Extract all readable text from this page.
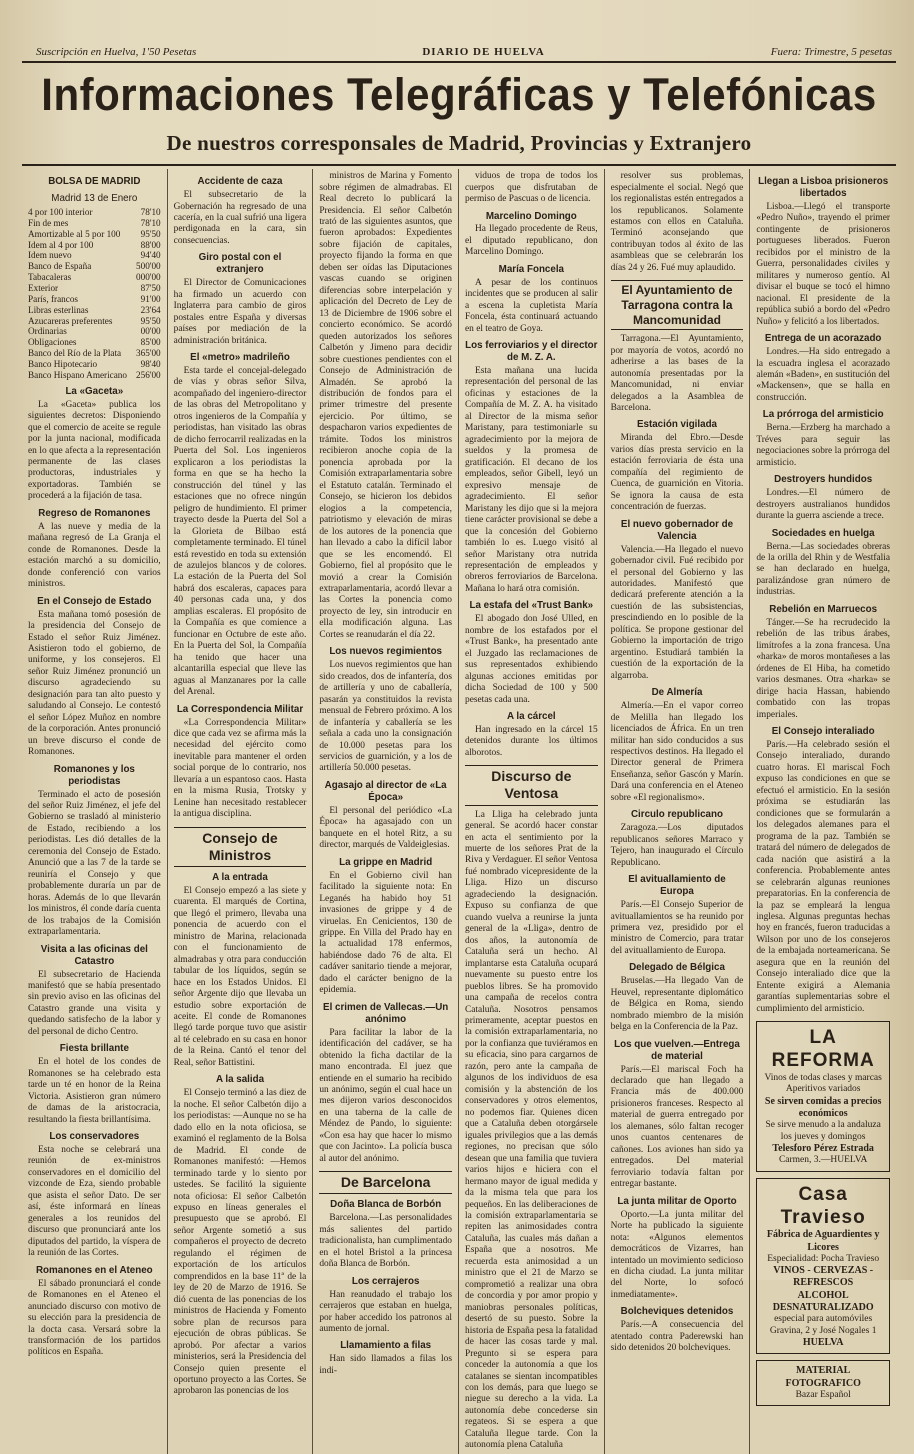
Suscripción en Huelva, 1'50 Pesetas	DIARIO DE HUELVA	Fuera: Trimestre, 5 pesetas
Informaciones Telegráficas y Telefónicas
De nuestros corresponsales de Madrid, Provincias y Extranjero
BOLSA DE MADRID
Madrid 13 de Enero
4 por 100 interior	78'10
Fin de mes	78'10
Amortizable al 5 por 100	95'50
Idem al 4 por 100	88'00
Idem nuevo	94'40
Banco de España	500'00
Tabacaleras	000'00
Exterior	87'50
París, francos	91'00
Libras esterlinas	23'64
Azucareras preferentes	95'50
Ordinarias	00'00
Obligaciones	85'00
Banco del Río de la Plata	365'00
Banco Hipotecario	98'40
Banco Hispano Americano	256'00
La «Gaceta»
La «Gaceta» publica los siguientes decretos: Disponiendo que el comercio de aceite se regule por la junta nacional, modificada en lo que afecta a la representación permanente de las clases productoras, industriales y exportadoras. También se procederá a la fijación de tasa.
Regreso de Romanones
A las nueve y media de la mañana regresó de La Granja el conde de Romanones. Desde la estación marchó a su domicilio, donde conferenció con varios ministros.
En el Consejo de Estado
Esta mañana tomó posesión de la presidencia del Consejo de Estado el señor Ruiz Jiménez. Asistieron todo el gobierno, de uniforme, y los consejeros. El señor Ruiz Jiménez pronunció un discurso agradeciendo su designación para tan alto puesto y saludando al Consejo. Le contestó el señor López Muñoz en nombre de la corporación. Antes pronunció un breve discurso el conde de Romanones.
Romanones y los periodistas
Terminado el acto de posesión del señor Ruiz Jiménez, el jefe del Gobierno se trasladó al ministerio de Estado, recibiendo a los periodistas. Les dió detalles de la ceremonia del Consejo de Estado. Anunció que a las 7 de la tarde se reuniría el Consejo y que probablemente duraría un par de horas. Además de lo que llevarán los ministros, él conde daría cuenta de los trabajos de la Comisión extraparlamentaria.
Visita a las oficinas del Catastro
El subsecretario de Hacienda manifestó que se había presentado sin previo aviso en las oficinas del Catastro grande una visita y quedando satisfecho de la labor y del personal de dicho Centro.
Fiesta brillante
En el hotel de los condes de Romanones se ha celebrado esta tarde un té en honor de la Reina Victoria. Asistieron gran número de damas de la aristocracia, resultando la fiesta brillantísima.
Los conservadores
Esta noche se celebrará una reunión de ex-ministros conservadores en el domicilio del vizconde de Eza, siendo probable que asista el señor Dato. De ser así, éste informará en líneas generales a los reunidos del discurso que pronunciará ante los diputados del partido, la víspera de la reunión de las Cortes.
Romanones en el Ateneo
El sábado pronunciará el conde de Romanones en el Ateneo el anunciado discurso con motivo de su elección para la presidencia de la docta casa. Versará sobre la transformación de los partidos políticos en España.
Accidente de caza
El subsecretario de la Gobernación ha regresado de una cacería, en la cual sufrió una ligera perdigonada en la cara, sin consecuencias.
Giro postal con el extranjero
El Director de Comunicaciones ha firmado un acuerdo con Inglaterra para cambio de giros postales entre España y diversas países por mediación de la administración británica.
El «metro» madrileño
Esta tarde el concejal-delegado de vías y obras señor Silva, acompañado del ingeniero-director de las obras del Metropolitano y otros ingenieros de la Compañía y periodistas, han visitado las obras de dicho ferrocarril realizadas en la Puerta del Sol. Los ingenieros explicaron a los periodistas la forma en que se ha hecho la construcción del túnel y las estaciones que no ofrece ningún peligro de hundimiento. El primer trayecto desde la Puerta del Sol a la Glorieta de Bilbao está completamente terminado. El túnel está revestido en toda su extensión de azulejos blancos y de colores. La estación de la Puerta del Sol habrá dos escaleras, capaces para 40 personas cada una, y dos amplias escaleras. El propósito de la Compañía es que comience a funcionar en Octubre de este año. En la Puerta del Sol, la Compañía ha tenido que hacer una alcantarilla especial que lleve las aguas al Manzanares por la calle del Arenal.
La Correspondencia Militar
«La Correspondencia Militar» dice que cada vez se afirma más la necesidad del ejército como inevitable para mantener el orden social porque de lo contrario, nos llevaría a un espantoso caos. Hasta en la misma Rusia, Trotsky y Lenine han necesitado restablecer la antigua disciplina.
Consejo de Ministros
A la entrada
El Consejo empezó a las siete y cuarenta. El marqués de Cortina, que llegó el primero, llevaba una ponencia de acuerdo con el ministro de Marina, relacionada con el funcionamiento de almadrabas y otra para conducción tabular de los líquidos, según se hace en los Estados Unidos. El señor Argente dijo que llevaba un estudio sobre exportación de aceite. El conde de Romanones llegó tarde porque tuvo que asistir al té celebrado en su casa en honor de la Reina. Cantó el tenor del Real, señor Battistini.
A la salida
El Consejo terminó a las diez de la noche. El señor Calbetón dijo a los periodistas: —Aunque no se ha dado ello en la nota oficiosa, se examinó el reglamento de la Bolsa de Madrid. El conde de Romanones manifestó: —Hemos terminado tarde y lo siento por ustedes. Se facilitó la siguiente nota oficiosa: El señor Calbetón expuso en líneas generales el presupuesto que se aprobó. El señor Argente sometió a sus compañeros el proyecto de decreto regulando el régimen de exportación de los artículos comprendidos en la base 11ª de la ley de 20 de Marzo de 1916. Se dió cuenta de las ponencias de los ministros de Hacienda y Fomento sobre plan de recursos para ejecución de obras públicas. Se aprobó. Por afectar a varios ministerios, será la Presidencia del Consejo quien presente el oportuno proyecto a las Cortes. Se aprobaron las ponencias de los
ministros de Marina y Fomento sobre régimen de almadrabas. El Real decreto lo publicará la Presidencia. El señor Calbetón trató de las siguientes asuntos, que fueron aprobados: Expedientes sobre fijación de capitales, proyecto fijando la forma en que deben ser oídas las Diputaciones vascas cuando se originen diferencias sobre interpelación y aplicación del Decreto de Ley de 13 de Diciembre de 1906 sobre el concierto económico. Se acordó queden autorizados los señores Calbetón y Jimeno para decidir sobre cuestiones pendientes con el Consejo de Administración de Almadén. Se aprobó la distribución de fondos para el primer trimestre del presente ejercicio. Por último, se despacharon varios expedientes de trámite. Todos los ministros recibieron anoche copia de la ponencia aprobada por la Comisión extraparlamentaria sobre el Estatuto catalán. Terminado el Consejo, se hicieron los debidos elogios a la competencia, patriotismo y elevación de miras de los autores de la ponencia que han llevado a cabo la difícil labor que se les encomendó. El Gobierno, fiel al propósito que le movió a crear la Comisión extraparlamentaria, acordó llevar a las Cortes la ponencia como proyecto de ley, sin introducir en ella modificación alguna. Las Cortes se reanudarán el día 22.
Los nuevos regimientos
Los nuevos regimientos que han sido creados, dos de infantería, dos de artillería y uno de caballería, pasarán ya constituidos la revista mensual de Febrero próximo. A los de infantería y caballería se les señala a cada uno la consignación de 10.000 pesetas para los servicios de guarnición, y a los de artillería 50.000 pesetas.
Agasajo al director de «La Época»
El personal del periódico «La Época» ha agasajado con un banquete en el hotel Ritz, a su director, marqués de Valdeiglesias.
La grippe en Madrid
En el Gobierno civil han facilitado la siguiente nota: En Leganés ha habido hoy 51 invasiones de grippe y 4 de viruelas. En Cenicientos, 130 de grippe. En Villa del Prado hay en la actualidad 178 enfermos, habiéndose dado 76 de alta. El cadáver sanitario tiende a mejorar, dado el carácter benigno de la epidemia.
El crimen de Vallecas.—Un anónimo
Para facilitar la labor de la identificación del cadáver, se ha obtenido la ficha dactilar de la mano encontrada. El juez que entiende en el sumario ha recibido un anónimo, según el cual hace un mes dijeron varios desconocidos en una taberna de la calle de Méndez de Pando, lo siguiente: «Con esa hay que hacer lo mismo que con Jacinto». La policía busca al autor del anónimo.
De Barcelona
Doña Blanca de Borbón
Barcelona.—Las personalidades más salientes del partido tradicionalista, han cumplimentado en el hotel Bristol a la princesa doña Blanca de Borbón.
Los cerrajeros
Han reanudado el trabajo los cerrajeros que estaban en huelga, por haber accedido los patronos al aumento de jornal.
Llamamiento a filas
Han sido llamados a filas los indi-
viduos de tropa de todos los cuerpos que disfrutaban de permiso de Pascuas o de licencia.
Marcelino Domingo
Ha llegado procedente de Reus, el diputado republicano, don Marcelino Domingo.
María Foncela
A pesar de los continuos incidentes que se producen al salir a escena la cupletista María Foncela, ésta continuará actuando en el teatro de Goya.
Los ferroviarios y el director de M. Z. A.
Esta mañana una lucida representación del personal de las oficinas y estaciones de la Compañía de M. Z. A. ha visitado al Director de la misma señor Maristany, para testimoniarle su agradecimiento por la mejora de sueldos y la promesa de gratificación. El decano de los empleados, señor Gibell, leyó un expresivo mensaje de agradecimiento. El señor Maristany les dijo que si la mejora tiene carácter provisional se debe a que la concesión del Gobierno también lo es. Luego visitó al señor Maristany otra nutrida representación de empleados y obreros ferroviarios de Barcelona. Mañana lo hará otra comisión.
La estafa del «Trust Bank»
El abogado don José Ulled, en nombre de los estafados por el «Trust Bank», ha presentado ante el Juzgado las reclamaciones de sus representados exhibiendo algunas acciones emitidas por dicha Sociedad de 100 y 500 pesetas cada una.
A la cárcel
Han ingresado en la cárcel 15 detenidos durante los últimos alborotos.
Discurso de Ventosa
La Lliga ha celebrado junta general. Se acordó hacer constar en acta el sentimiento por la muerte de los señores Prat de la Riva y Verdaguer. El señor Ventosa fué nombrado vicepresidente de la Lliga. Hizo un discurso agradeciendo la designación. Expuso su confianza de que cuando vuelva a reunirse la junta general de la «Lliga», dentro de dos años, la autonomía de Cataluña será un hecho. Al implantarse esta Cataluña ocupará nuevamente su puesto entre los pueblos libres. Se ha promovido una campaña de recelos contra Cataluña. Nosotros pensamos primeramente, aceptar puestos en la comisión extraparlamentaria, no por la confianza que tuviéramos en su eficacia, sino para cargarnos de razón, pero ante la campaña de algunos de los individuos de esa comisión y la abstención de los conservadores y otros elementos, no podemos fiar. Quienes dicen que a Cataluña deben otorgársele iguales privilegios que a las demás regiones, no precisan que sólo desean que una familia que tuviera varios hijos e hiciera con el hermano mayor de igual medida y da la misma tela que para los pequeños. En las deliberaciones de la comisión extraparlamentaria se repiten las animosidades contra Cataluña, las cuales más dañan a España que a nosotros. Me recuerda esta animosidad a un ministro que el 21 de Marzo se comprometió a realizar una obra de concordia y por amor propio y maniobras personales políticas, desertó de su puesto. Sobre la historia de España pesa la fatalidad de hacer las cosas tarde y mal. Pregunto si se espera para conceder la autonomía a que los catalanes se sientan incompatibles con los demás, para que luego se niegue su derecho a la vida. La autonomía debe concederse sin regateos. Si se espera a que Cataluña llegue tarde. Con la autonomía plena Cataluña
resolver sus problemas, especialmente el social. Negó que los regionalistas estén entregados a los republicanos. Solamente estamos con ellos en Cataluña. Terminó aconsejando que contribuyan todos al éxito de las asambleas que se celebrarán los días 24 y 26. Fué muy aplaudido.
El Ayuntamiento de Tarragona contra la Mancomunidad
Tarragona.—El Ayuntamiento, por mayoría de votos, acordó no adherirse a las bases de la autonomía presentadas por la Mancomunidad, ni enviar delegados a la Asamblea de Barcelona.
Estación vigilada
Miranda del Ebro.—Desde varios días presta servicio en la estación ferroviaria de ésta una compañía del regimiento de Cuenca, de guarnición en Vitoria. Se ignora la causa de esta concentración de fuerzas.
El nuevo gobernador de Valencia
Valencia.—Ha llegado el nuevo gobernador civil. Fué recibido por el personal del Gobierno y las autoridades. Manifestó que dedicará preferente atención a la cuestión de las subsistencias, prescindiendo en lo posible de la política. Se propone gestionar del Gobierno la importación de trigo argentino. Estudiará también la cuestión de la exportación de la algarroba.
De Almería
Almería.—En el vapor correo de Melilla han llegado los licenciados de África. En un tren militar han sido conducidos a sus respectivos destinos. Ha llegado el Director general de Primera Enseñanza, señor Gascón y Marín. Dará una conferencia en el Ateneo sobre «El regionalismo».
Circulo republicano
Zaragoza.—Los diputados republicanos señores Marraco y Tejero, han inaugurado el Círculo Republicano.
El avituallamiento de Europa
París.—El Consejo Superior de avituallamientos se ha reunido por primera vez, presidido por el ministro de Comercio, para tratar del avituallamiento de Europa.
Delegado de Bélgica
Bruselas.—Ha llegado Van de Heuvel, representante diplomático de Bélgica en Roma, siendo nombrado miembro de la misión belga en la Conferencia de la Paz.
Los que vuelven.—Entrega de material
París.—El mariscal Foch ha declarado que han llegado a Francia más de 400.000 prisioneros franceses. Respecto al material de guerra entregado por los alemanes, sólo faltan recoger unos cuantos centenares de cañones. Los aviones han sido ya entregados. Del material ferroviario todavía faltan por entregar bastante.
La junta militar de Oporto
Oporto.—La junta militar del Norte ha publicado la siguiente nota: «Algunos elementos democráticos de Vizarres, han intentado un movimiento sedicioso en dicha ciudad. La junta militar del Norte, lo sofocó inmediatamente».
Bolcheviques detenidos
París.—A consecuencia del atentado contra Paderewski han sido detenidos 20 bolcheviques.
Llegan a Lisboa prisioneros libertados
Lisboa.—Llegó el transporte «Pedro Nuño», trayendo el primer contingente de prisioneros portugueses liberados. Fueron recibidos por el ministro de la Guerra, personalidades civiles y militares y numeroso gentío. Al divisar el buque se tocó el himno nacional. El presidente de la república subió a bordo del «Pedro Nuño» y felicitó a los libertados.
Entrega de un acorazado
Londres.—Ha sido entregado a la escuadra inglesa el acorazado alemán «Baden», en sustitución del «Mackensen», que se halla en construcción.
La prórroga del armisticio
Berna.—Erzberg ha marchado a Tréves para seguir las negociaciones sobre la prórroga del armisticio.
Destroyers hundidos
Londres.—El número de destroyers australianos hundidos durante la guerra asciende a trece.
Sociedades en huelga
Berna.—Las sociedades obreras de la orilla del Rhin y de Westfalia se han declarado en huelga, paralizándose gran número de industrias.
Rebelión en Marruecos
Tánger.—Se ha recrudecido la rebelión de las tribus árabes, limítrofes a la zona francesa. Una «harka» de moros montañeses a las órdenes de El Hiba, ha cometido varios desmanes. Otra «harka» se dirige hacia Hassan, habiendo combatido con las tropas imperiales.
El Consejo interaliado
París.—Ha celebrado sesión el Consejo interaliado, durando cuatro horas. El mariscal Foch expuso las condiciones en que se efectuó el armisticio. En la sesión próxima se estudiarán las condiciones que se formularán a los delegados alemanes para el programa de la paz. También se tratará del número de delegados de cada nación que asistirá a la conferencia. Probablemente antes se celebrarán algunas reuniones preparatorias. En la conferencia de la paz se empleará la lengua inglesa. Algunas preguntas hechas hoy en francés, fueron traducidas a Wilson por uno de los consejeros de la embajada norteamericana. Se asegura que en la reunión del Consejo interaliado dice que la Entente exigirá a Alemania garantías suplementarias sobre el cumplimiento del armisticio.
LA REFORMA
Vinos de todas clases y marcas
Aperitivos variados
Se sirven comidas a precios económicos
Se sirve menudo a la andaluza los jueves y domingos
Telesforo Pérez Estrada
Carmen, 3.—HUELVA
Casa Travieso
Fábrica de Aguardientes y Licores
Especialidad: Pocha Travieso
VINOS - CERVEZAS - REFRESCOS
ALCOHOL DESNATURALIZADO
especial para automóviles
Gravina, 2 y José Nogales 1
HUELVA
MATERIAL FOTOGRAFICO
Bazar Español
